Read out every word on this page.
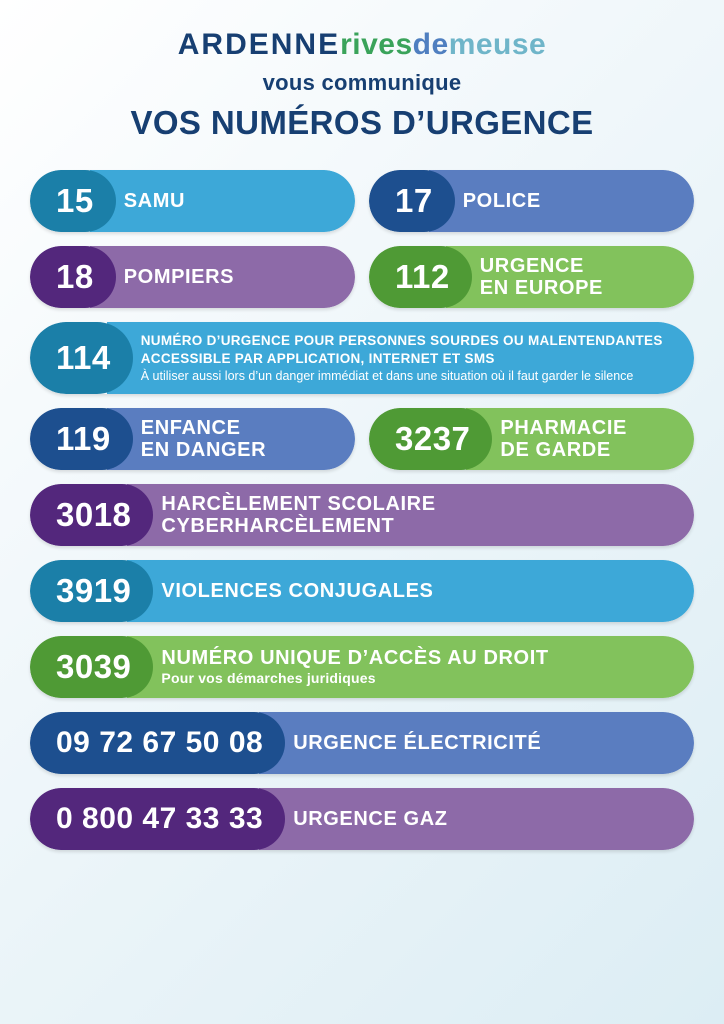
ARDENNErivesdemeuse
vous communique
VOS NUMÉROS D’URGENCE
15	SAMU	17	POLICE
18	POMPIERS	112	URGENCE
EN EUROPE
114	NUMÉRO D’URGENCE POUR PERSONNES SOURDES OU MALENTENDANTES
ACCESSIBLE PAR APPLICATION, INTERNET ET SMS
À utiliser aussi lors d’un danger immédiat et dans une situation où il faut garder le silence
119	ENFANCE
EN DANGER	3237	PHARMACIE
DE GARDE
3018	HARCÈLEMENT SCOLAIRE
CYBERHARCÈLEMENT
3919	VIOLENCES CONJUGALES
3039	NUMÉRO UNIQUE D’ACCÈS AU DROIT
Pour vos démarches juridiques
09 72 67 50 08	URGENCE ÉLECTRICITÉ
0 800 47 33 33	URGENCE GAZ
